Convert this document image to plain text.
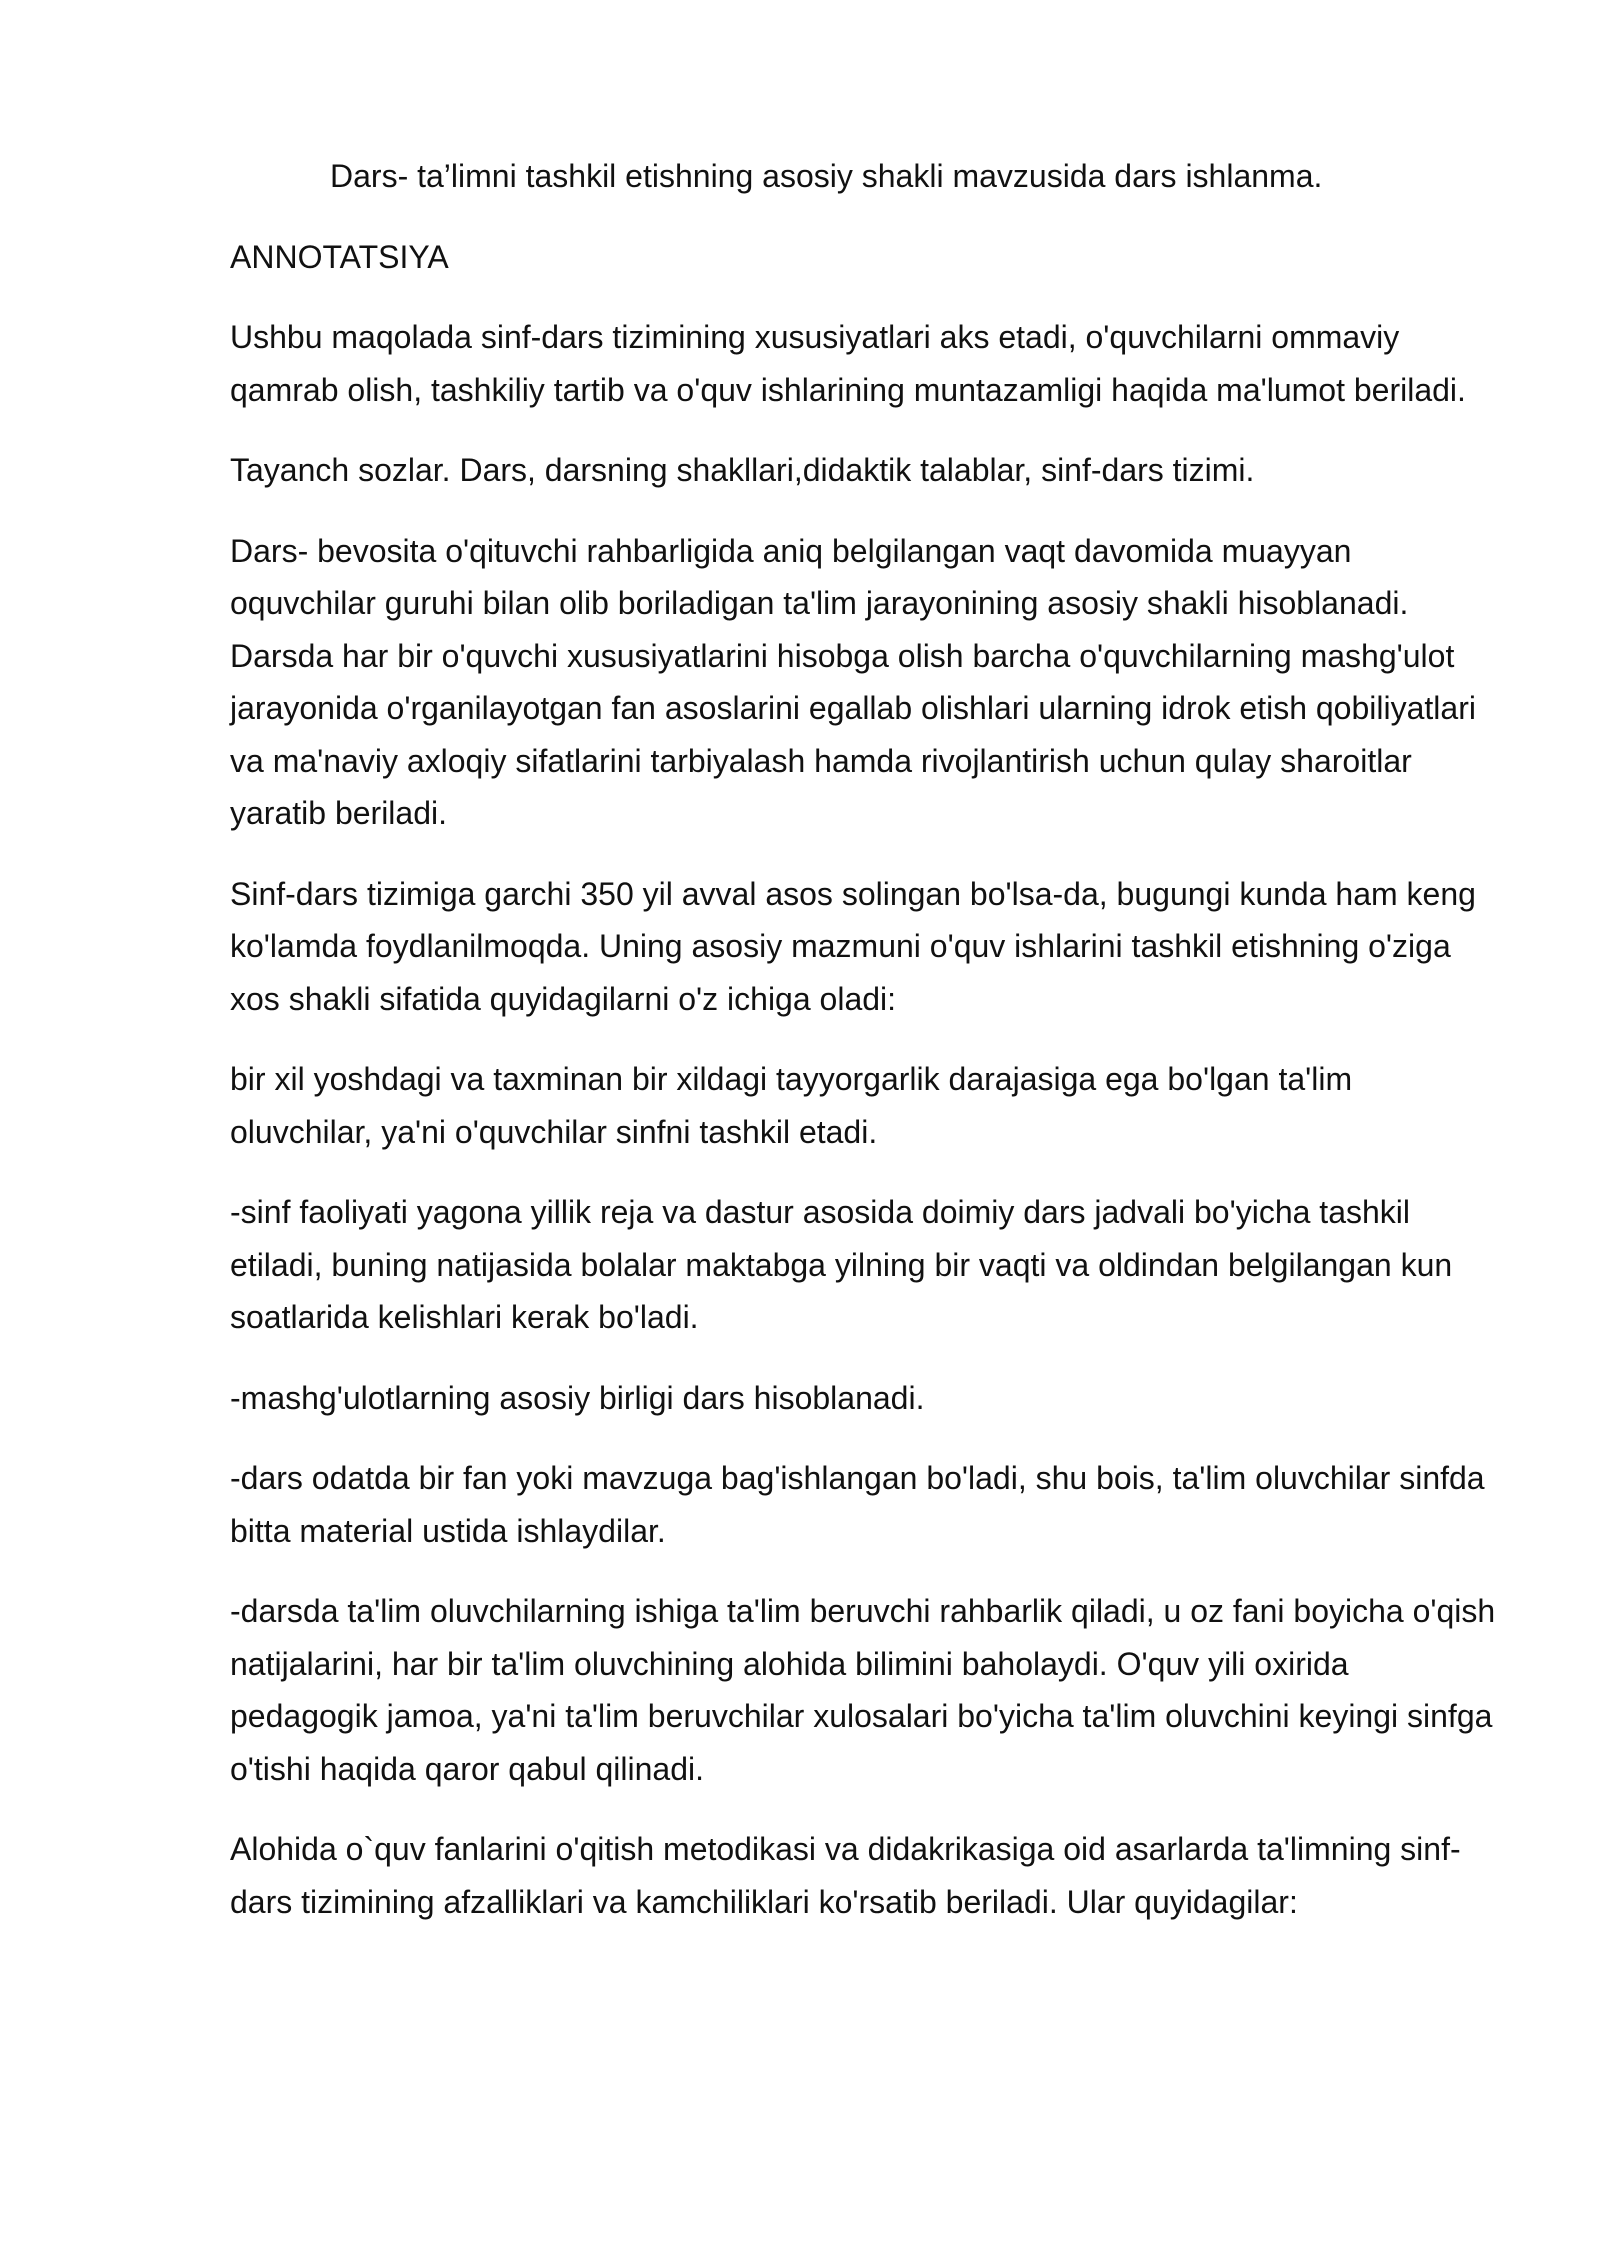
Dars- ta’limni tashkil etishning asosiy shakli mavzusida dars ishlanma.

ANNOTATSIYA

Ushbu maqolada sinf-dars tizimining xususiyatlari aks etadi, o'quvchilarni ommaviy qamrab olish, tashkiliy tartib va o'quv ishlarining muntazamligi haqida ma'lumot beriladi.

Tayanch sozlar. Dars, darsning shakllari,didaktik talablar, sinf-dars tizimi.

Dars- bevosita o'qituvchi rahbarligida aniq belgilangan vaqt davomida muayyan oquvchilar guruhi bilan olib boriladigan ta'lim jarayonining asosiy shakli hisoblanadi. Darsda har bir o'quvchi xususiyatlarini hisobga olish barcha o'quvchilarning mashg'ulot jarayonida o'rganilayotgan fan asoslarini egallab olishlari ularning idrok etish qobiliyatlari va ma'naviy axloqiy sifatlarini tarbiyalash hamda rivojlantirish uchun qulay sharoitlar yaratib beriladi.

Sinf-dars tizimiga garchi 350 yil avval asos solingan bo'lsa-da, bugungi kunda ham keng ko'lamda foydlanilmoqda. Uning asosiy mazmuni o'quv ishlarini tashkil etishning o'ziga xos shakli sifatida quyidagilarni o'z ichiga oladi:

bir xil yoshdagi va taxminan bir xildagi tayyorgarlik darajasiga ega bo'lgan ta'lim oluvchilar, ya'ni o'quvchilar sinfni tashkil etadi.

-sinf faoliyati yagona yillik reja va dastur asosida doimiy dars jadvali bo'yicha tashkil etiladi, buning natijasida bolalar maktabga yilning bir vaqti va oldindan belgilangan kun soatlarida kelishlari kerak bo'ladi.

-mashg'ulotlarning asosiy birligi dars hisoblanadi.

-dars odatda bir fan yoki mavzuga bag'ishlangan bo'ladi, shu bois, ta'lim oluvchilar sinfda bitta material ustida ishlaydilar.

-darsda ta'lim oluvchilarning ishiga ta'lim beruvchi rahbarlik qiladi, u oz fani boyicha o'qish natijalarini, har bir ta'lim oluvchining alohida bilimini baholaydi. O'quv yili oxirida pedagogik jamoa, ya'ni ta'lim beruvchilar xulosalari bo'yicha ta'lim oluvchini keyingi sinfga o'tishi haqida qaror qabul qilinadi.

Alohida o`quv fanlarini o'qitish metodikasi va didakrikasiga oid asarlarda ta'limning sinf-dars tizimining afzalliklari va kamchiliklari ko'rsatib beriladi. Ular quyidagilar:
